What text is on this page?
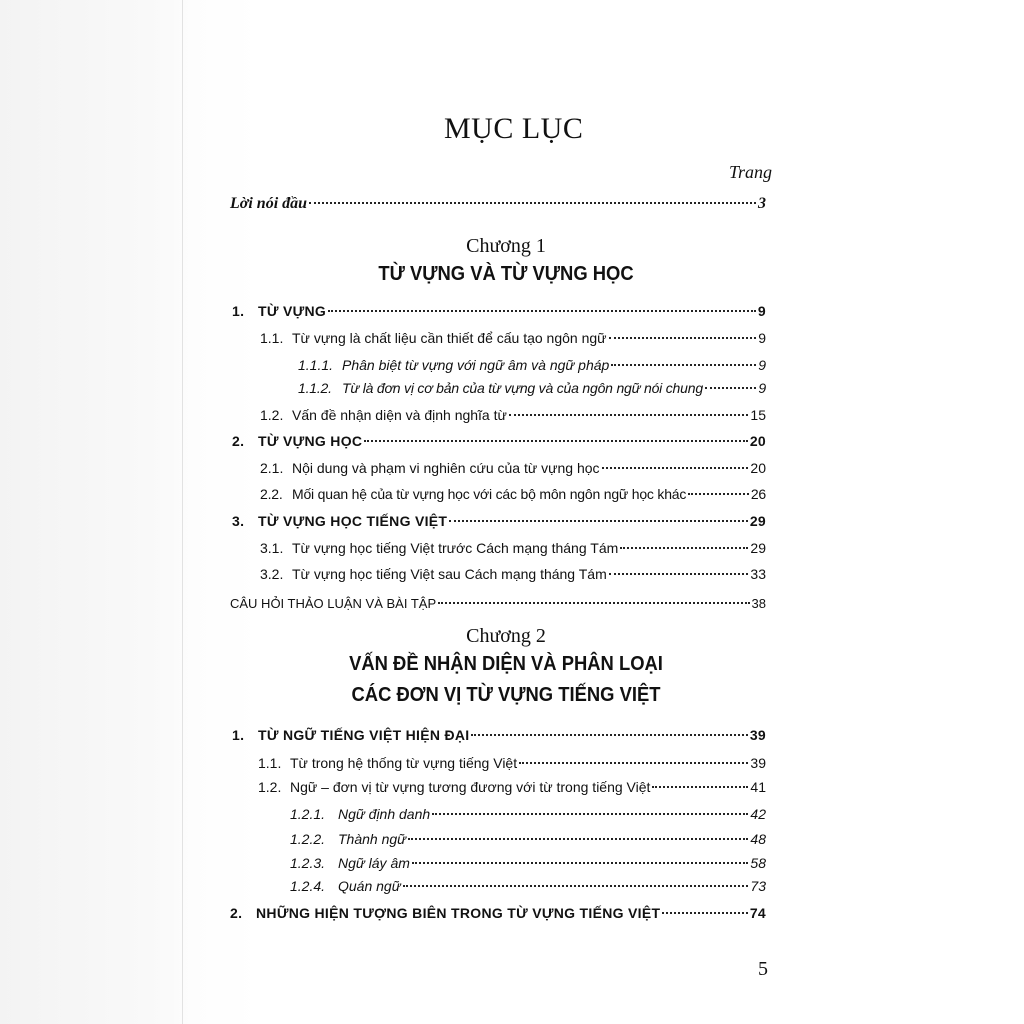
MỤC LỤC
Trang
Lời nói đầu	3
Chương 1
TỪ VỰNG VÀ TỪ VỰNG HỌC
1. TỪ VỰNG	9
1.1. Từ vựng là chất liệu cần thiết để cấu tạo ngôn ngữ	9
1.1.1. Phân biệt từ vựng với ngữ âm và ngữ pháp	9
1.1.2. Từ là đơn vị cơ bản của từ vựng và của ngôn ngữ nói chung	9
1.2. Vấn đề nhận diện và định nghĩa từ	15
2. TỪ VỰNG HỌC	20
2.1. Nội dung và phạm vi nghiên cứu của từ vựng học	20
2.2. Mối quan hệ của từ vựng học với các bộ môn ngôn ngữ học khác	26
3. TỪ VỰNG HỌC TIẾNG VIỆT	29
3.1. Từ vựng học tiếng Việt trước Cách mạng tháng Tám	29
3.2. Từ vựng học tiếng Việt sau Cách mạng tháng Tám	33
CÂU HỎI THẢO LUẬN VÀ BÀI TẬP	38
Chương 2
VẤN ĐỀ NHẬN DIỆN VÀ PHÂN LOẠI
CÁC ĐƠN VỊ TỪ VỰNG TIẾNG VIỆT
1. TỪ NGỮ TIẾNG VIỆT HIỆN ĐẠI	39
1.1. Từ trong hệ thống từ vựng tiếng Việt	39
1.2. Ngữ – đơn vị từ vựng tương đương với từ trong tiếng Việt	41
1.2.1. Ngữ định danh	42
1.2.2. Thành ngữ	48
1.2.3. Ngữ láy âm	58
1.2.4. Quán ngữ	73
2. NHỮNG HIỆN TƯỢNG BIÊN TRONG TỪ VỰNG TIẾNG VIỆT	74
5
